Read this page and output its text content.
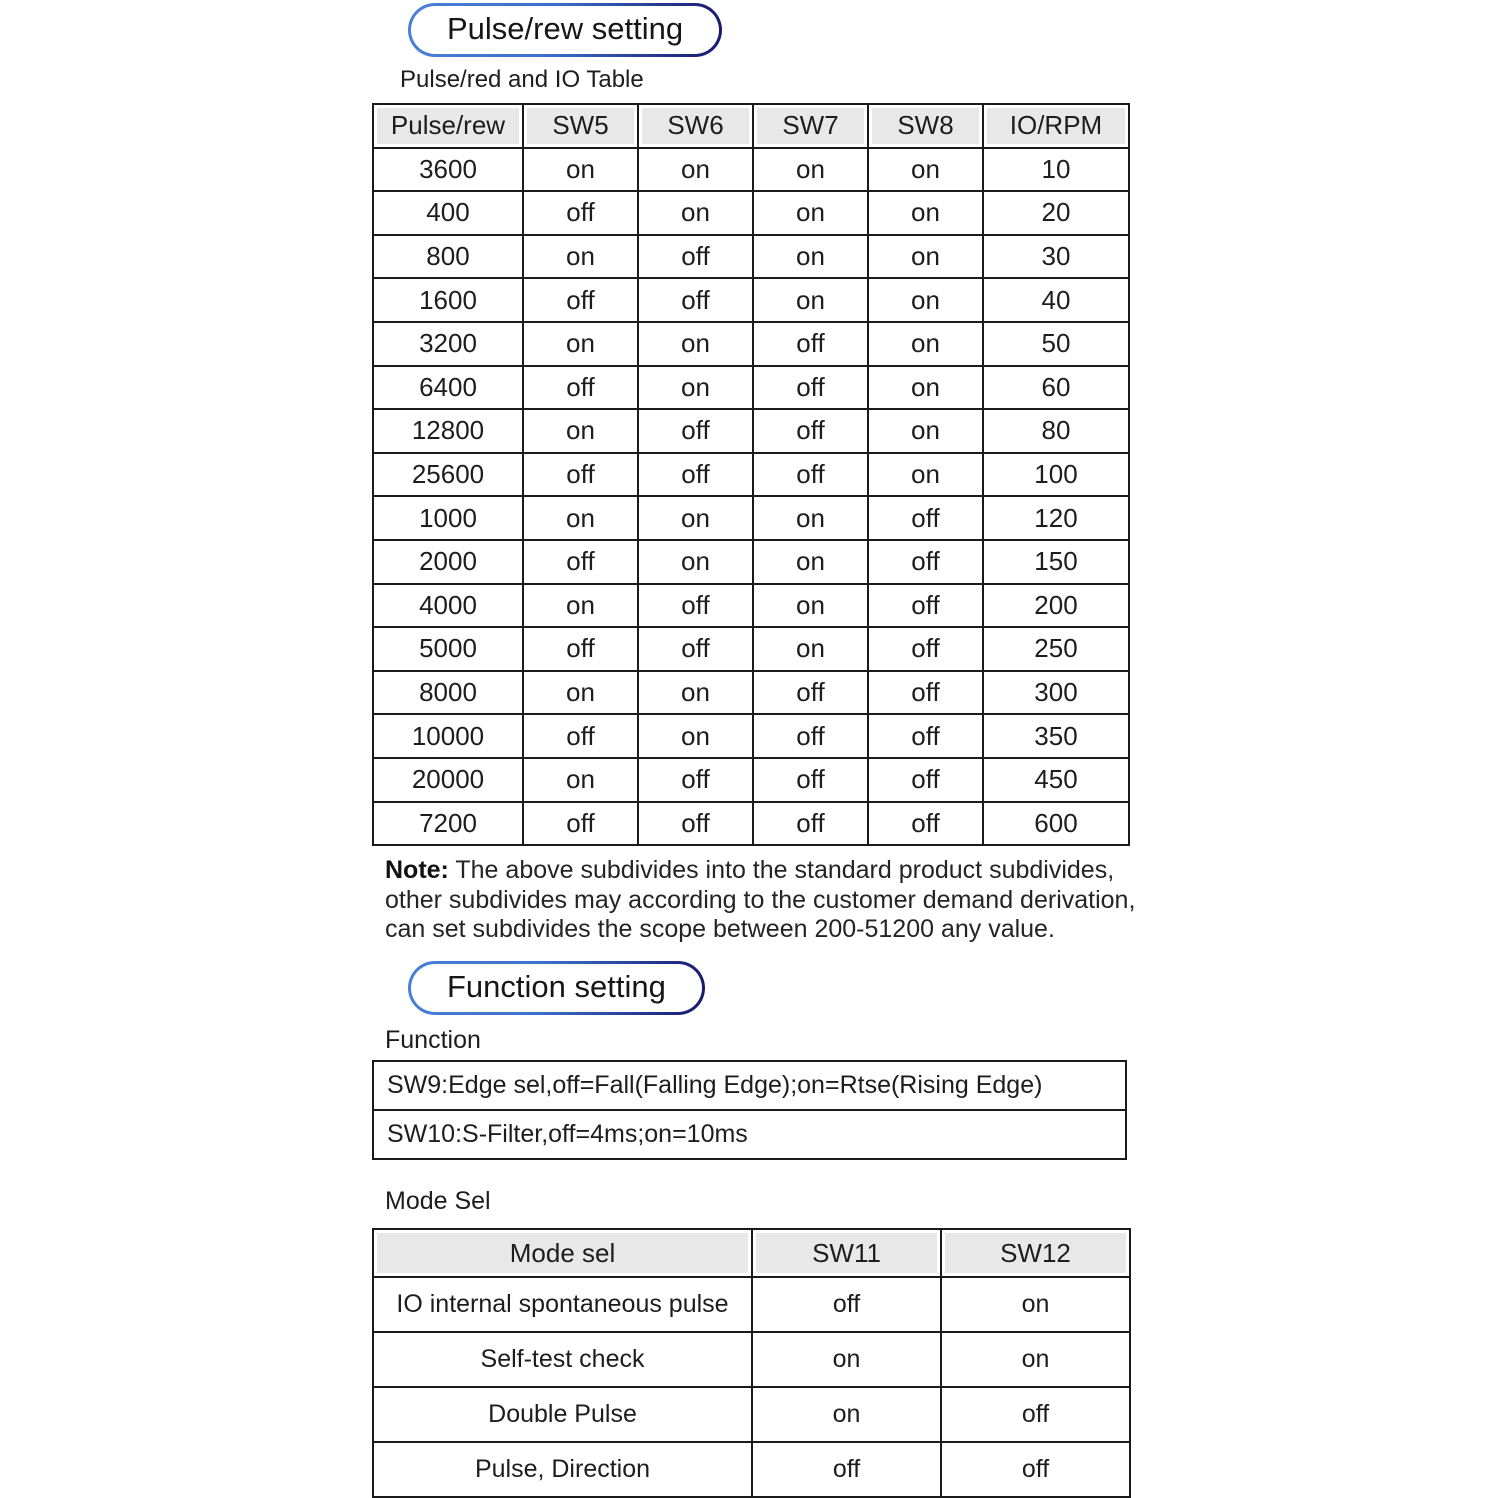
Pulse/rew setting
Pulse/red and IO Table
Pulse/rew	SW5	SW6	SW7	SW8	IO/RPM
3600	on	on	on	on	10
400	off	on	on	on	20
800	on	off	on	on	30
1600	off	off	on	on	40
3200	on	on	off	on	50
6400	off	on	off	on	60
12800	on	off	off	on	80
25600	off	off	off	on	100
1000	on	on	on	off	120
2000	off	on	on	off	150
4000	on	off	on	off	200
5000	off	off	on	off	250
8000	on	on	off	off	300
10000	off	on	off	off	350
20000	on	off	off	off	450
7200	off	off	off	off	600
Note: The above subdivides into the standard product subdivides,
other subdivides may according to the customer demand derivation,
can set subdivides the scope between 200-51200 any value.
Function setting
Function
SW9:Edge sel,off=Fall(Falling Edge);on=Rtse(Rising Edge)
SW10:S-Filter,off=4ms;on=10ms
Mode Sel
Mode sel	SW11	SW12
IO internal spontaneous pulse	off	on
Self-test check	on	on
Double Pulse	on	off
Pulse, Direction	off	off
